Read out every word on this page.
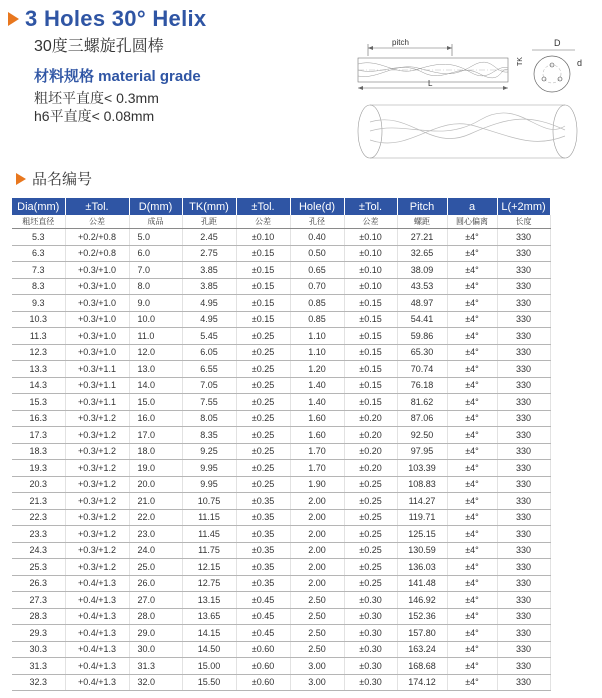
3 Holes 30° Helix
30度三螺旋孔圆棒
材料规格 material grade
粗坯平直度< 0.3mm
h6平直度< 0.08mm
pitch
TK
L
D
d
品名编号
Dia(mm)	±Tol.	D(mm)	TK(mm)	±Tol.	Hole(d)	±Tol.	Pitch	a	L(+2mm)
粗坯直径	公差	成品	孔距	公差	孔径	公差	螺距	圆心偏离	长度
5.3	+0.2/+0.8	5.0	2.45	±0.10	0.40	±0.10	27.21	±4°	330
6.3	+0.2/+0.8	6.0	2.75	±0.15	0.50	±0.10	32.65	±4°	330
7.3	+0.3/+1.0	7.0	3.85	±0.15	0.65	±0.10	38.09	±4°	330
8.3	+0.3/+1.0	8.0	3.85	±0.15	0.70	±0.10	43.53	±4°	330
9.3	+0.3/+1.0	9.0	4.95	±0.15	0.85	±0.15	48.97	±4°	330
10.3	+0.3/+1.0	10.0	4.95	±0.15	0.85	±0.15	54.41	±4°	330
11.3	+0.3/+1.0	11.0	5.45	±0.25	1.10	±0.15	59.86	±4°	330
12.3	+0.3/+1.0	12.0	6.05	±0.25	1.10	±0.15	65.30	±4°	330
13.3	+0.3/+1.1	13.0	6.55	±0.25	1.20	±0.15	70.74	±4°	330
14.3	+0.3/+1.1	14.0	7.05	±0.25	1.40	±0.15	76.18	±4°	330
15.3	+0.3/+1.1	15.0	7.55	±0.25	1.40	±0.15	81.62	±4°	330
16.3	+0.3/+1.2	16.0	8.05	±0.25	1.60	±0.20	87.06	±4°	330
17.3	+0.3/+1.2	17.0	8.35	±0.25	1.60	±0.20	92.50	±4°	330
18.3	+0.3/+1.2	18.0	9.25	±0.25	1.70	±0.20	97.95	±4°	330
19.3	+0.3/+1.2	19.0	9.95	±0.25	1.70	±0.20	103.39	±4°	330
20.3	+0.3/+1.2	20.0	9.95	±0.25	1.90	±0.25	108.83	±4°	330
21.3	+0.3/+1.2	21.0	10.75	±0.35	2.00	±0.25	114.27	±4°	330
22.3	+0.3/+1.2	22.0	11.15	±0.35	2.00	±0.25	119.71	±4°	330
23.3	+0.3/+1.2	23.0	11.45	±0.35	2.00	±0.25	125.15	±4°	330
24.3	+0.3/+1.2	24.0	11.75	±0.35	2.00	±0.25	130.59	±4°	330
25.3	+0.3/+1.2	25.0	12.15	±0.35	2.00	±0.25	136.03	±4°	330
26.3	+0.4/+1.3	26.0	12.75	±0.35	2.00	±0.25	141.48	±4°	330
27.3	+0.4/+1.3	27.0	13.15	±0.45	2.50	±0.30	146.92	±4°	330
28.3	+0.4/+1.3	28.0	13.65	±0.45	2.50	±0.30	152.36	±4°	330
29.3	+0.4/+1.3	29.0	14.15	±0.45	2.50	±0.30	157.80	±4°	330
30.3	+0.4/+1.3	30.0	14.50	±0.60	2.50	±0.30	163.24	±4°	330
31.3	+0.4/+1.3	31.3	15.00	±0.60	3.00	±0.30	168.68	±4°	330
32.3	+0.4/+1.3	32.0	15.50	±0.60	3.00	±0.30	174.12	±4°	330
